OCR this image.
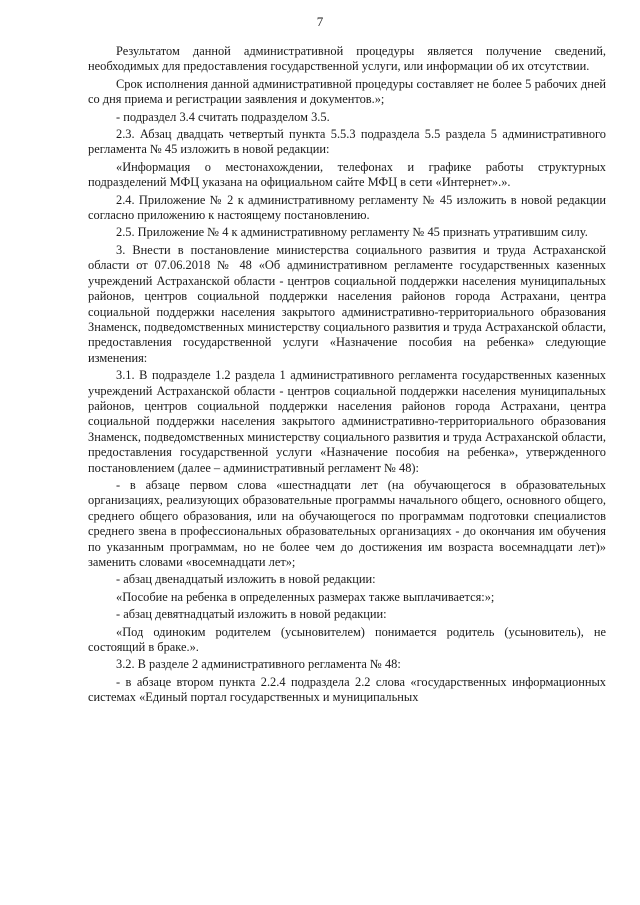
7

Результатом данной административной процедуры является получение сведений, необходимых для предоставления государственной услуги, или информации об их отсутствии.

Срок исполнения данной административной процедуры составляет не более 5 рабочих дней со дня приема и регистрации заявления и документов.»;

- подраздел 3.4 считать подразделом 3.5.

2.3. Абзац двадцать четвертый пункта 5.5.3 подраздела 5.5 раздела 5 административного регламента № 45 изложить в новой редакции:

«Информация о местонахождении, телефонах и графике работы структурных подразделений МФЦ указана на официальном сайте МФЦ в сети «Интернет».».

2.4. Приложение № 2 к административному регламенту № 45 изложить в новой редакции согласно приложению к настоящему постановлению.

2.5. Приложение № 4 к административному регламенту № 45 признать утратившим силу.

3. Внести в постановление министерства социального развития и труда Астраханской области от 07.06.2018 № 48 «Об административном регламенте государственных казенных учреждений Астраханской области - центров социальной поддержки населения муниципальных районов, центров социальной поддержки населения районов города Астрахани, центра социальной поддержки населения закрытого административно-территориального образования Знаменск, подведомственных министерству социального развития и труда Астраханской области, предоставления государственной услуги «Назначение пособия на ребенка» следующие изменения:

3.1. В подразделе 1.2 раздела 1 административного регламента государственных казенных учреждений Астраханской области - центров социальной поддержки населения муниципальных районов, центров социальной поддержки населения районов города Астрахани, центра социальной поддержки населения закрытого административно-территориального образования Знаменск, подведомственных министерству социального развития и труда Астраханской области, предоставления государственной услуги «Назначение пособия на ребенка», утвержденного постановлением (далее – административный регламент № 48):

- в абзаце первом слова «шестнадцати лет (на обучающегося в образовательных организациях, реализующих образовательные программы начального общего, основного общего, среднего общего образования, или на обучающегося по программам подготовки специалистов среднего звена в профессиональных образовательных организациях - до окончания им обучения по указанным программам, но не более чем до достижения им возраста восемнадцати лет)» заменить словами «восемнадцати лет»;

- абзац двенадцатый изложить в новой редакции:

«Пособие на ребенка в определенных размерах также выплачивается:»;

- абзац девятнадцатый изложить в новой редакции:

«Под одиноким родителем (усыновителем) понимается родитель (усыновитель), не состоящий в браке.».

3.2. В разделе 2 административного регламента № 48:

- в абзаце втором пункта 2.2.4 подраздела 2.2 слова «государственных информационных системах «Единый портал государственных и муниципальных
